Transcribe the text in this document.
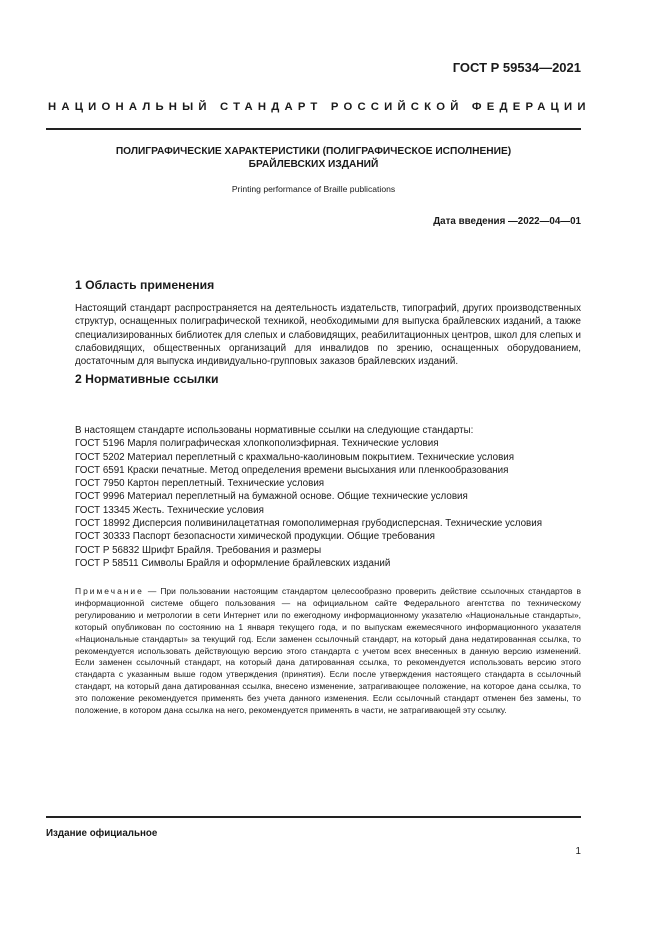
ГОСТ Р 59534—2021
НАЦИОНАЛЬНЫЙ СТАНДАРТ РОССИЙСКОЙ ФЕДЕРАЦИИ
ПОЛИГРАФИЧЕСКИЕ ХАРАКТЕРИСТИКИ (ПОЛИГРАФИЧЕСКОЕ ИСПОЛНЕНИЕ)
БРАЙЛЕВСКИХ ИЗДАНИЙ
Printing performance of Braille publications
Дата введения —2022—04—01
1 Область применения
Настоящий стандарт распространяется на деятельность издательств, типографий, других производственных структур, оснащенных полиграфической техникой, необходимыми для выпуска брайлевских изданий, а также специализированных библиотек для слепых и слабовидящих, реабилитационных центров, школ для слепых и слабовидящих, общественных организаций для инвалидов по зрению, оснащенных оборудованием, достаточным для выпуска индивидуально-групповых заказов брайлевских изданий.
2 Нормативные ссылки
В настоящем стандарте использованы нормативные ссылки на следующие стандарты:
ГОСТ 5196 Марля полиграфическая хлопкополиэфирная. Технические условия
ГОСТ 5202 Материал переплетный с крахмально-каолиновым покрытием. Технические условия
ГОСТ 6591 Краски печатные. Метод определения времени высыхания или пленкообразования
ГОСТ 7950 Картон переплетный. Технические условия
ГОСТ 9996 Материал переплетный на бумажной основе. Общие технические условия
ГОСТ 13345 Жесть. Технические условия
ГОСТ 18992 Дисперсия поливинилацетатная гомополимерная грубодисперсная. Технические условия
ГОСТ 30333 Паспорт безопасности химической продукции. Общие требования
ГОСТ Р 56832 Шрифт Брайля. Требования и размеры
ГОСТ Р 58511 Символы Брайля и оформление брайлевских изданий
Примечание — При пользовании настоящим стандартом целесообразно проверить действие ссылочных стандартов в информационной системе общего пользования — на официальном сайте Федерального агентства по техническому регулированию и метрологии в сети Интернет или по ежегодному информационному указателю «Национальные стандарты», который опубликован по состоянию на 1 января текущего года, и по выпускам ежемесячного информационного указателя «Национальные стандарты» за текущий год. Если заменен ссылочный стандарт, на который дана недатированная ссылка, то рекомендуется использовать действующую версию этого стандарта с учетом всех внесенных в данную версию изменений. Если заменен ссылочный стандарт, на который дана датированная ссылка, то рекомендуется использовать версию этого стандарта с указанным выше годом утверждения (принятия). Если после утверждения настоящего стандарта в ссылочный стандарт, на который дана датированная ссылка, внесено изменение, затрагивающее положение, на которое дана ссылка, то это положение рекомендуется применять без учета данного изменения. Если ссылочный стандарт отменен без замены, то положение, в котором дана ссылка на него, рекомендуется применять в части, не затрагивающей эту ссылку.
Издание официальное
1
